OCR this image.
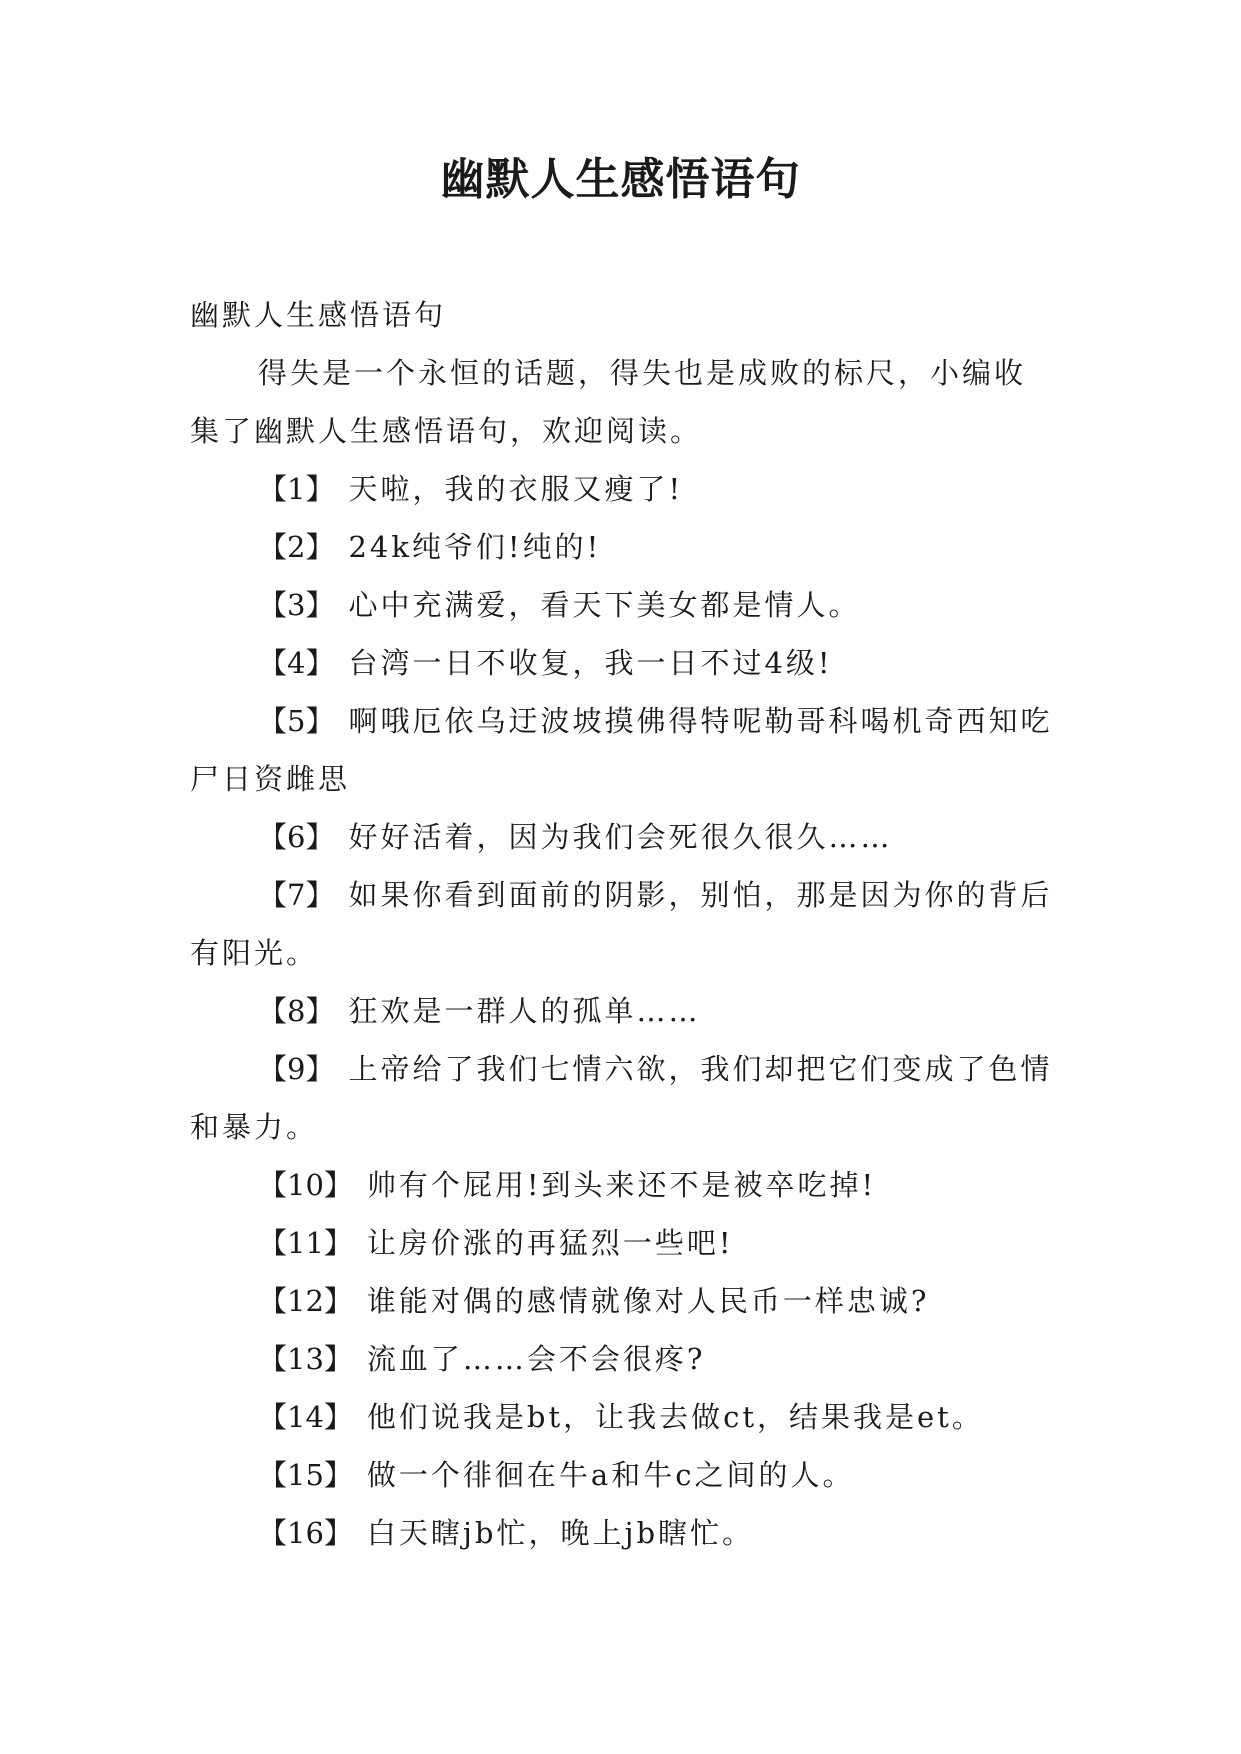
幽默人生感悟语句

幽默人生感悟语句

得失是一个永恒的话题，得失也是成败的标尺，小编收集了幽默人生感悟语句，欢迎阅读。

【1】 天啦，我的衣服又瘦了!

【2】 24k纯爷们!纯的!

【3】 心中充满爱，看天下美女都是情人。

【4】 台湾一日不收复，我一日不过4级!

【5】 啊哦厄依乌迂波坡摸佛得特呢勒哥科喝机奇西知吃尸日资雌思

【6】 好好活着，因为我们会死很久很久……

【7】 如果你看到面前的阴影，别怕，那是因为你的背后有阳光。

【8】 狂欢是一群人的孤单……

【9】 上帝给了我们七情六欲，我们却把它们变成了色情和暴力。

【10】 帅有个屁用!到头来还不是被卒吃掉!

【11】 让房价涨的再猛烈一些吧!

【12】 谁能对偶的感情就像对人民币一样忠诚?

【13】 流血了……会不会很疼?

【14】 他们说我是bt，让我去做ct，结果我是et。

【15】 做一个徘徊在牛a和牛c之间的人。

【16】 白天瞎jb忙，晚上jb瞎忙。
